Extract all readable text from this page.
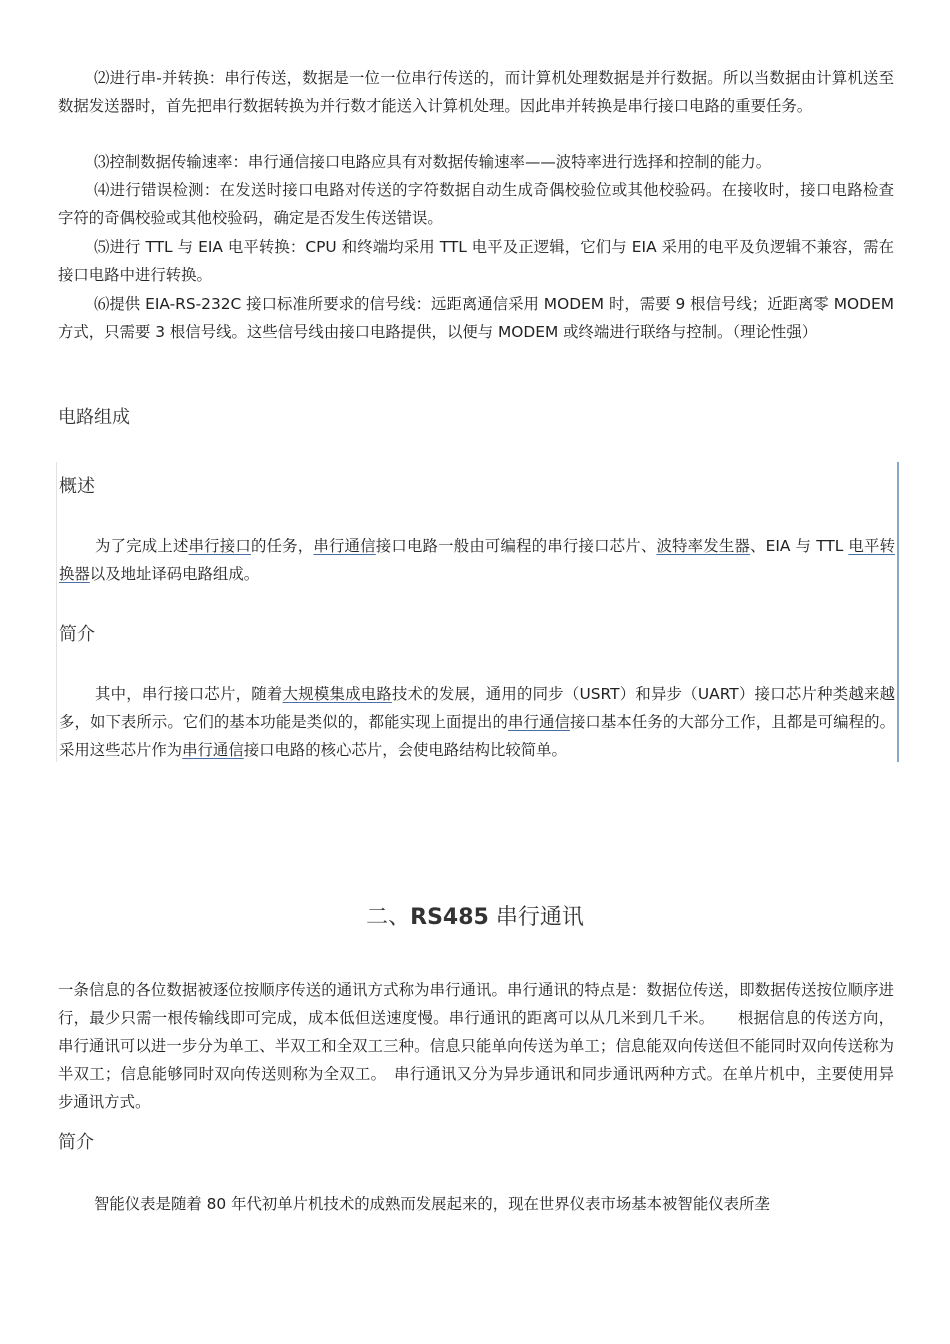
⑵进行串-并转换：串行传送，数据是一位一位串行传送的，而计算机处理数据是并行数据。所以当数据由计算机送至数据发送器时，首先把串行数据转换为并行数才能送入计算机处理。因此串并转换是串行接口电路的重要任务。

⑶控制数据传输速率：串行通信接口电路应具有对数据传输速率——波特率进行选择和控制的能力。

⑷进行错误检测：在发送时接口电路对传送的字符数据自动生成奇偶校验位或其他校验码。在接收时，接口电路检查字符的奇偶校验或其他校验码，确定是否发生传送错误。

⑸进行 TTL 与 EIA 电平转换：CPU 和终端均采用 TTL 电平及正逻辑，它们与 EIA 采用的电平及负逻辑不兼容，需在接口电路中进行转换。

⑹提供 EIA-RS-232C 接口标准所要求的信号线：远距离通信采用 MODEM 时，需要 9 根信号线；近距离零 MODEM 方式，只需要 3 根信号线。这些信号线由接口电路提供，以便与 MODEM 或终端进行联络与控制。（理论性强）

电路组成

概述

为了完成上述串行接口的任务，串行通信接口电路一般由可编程的串行接口芯片、波特率发生器、EIA 与 TTL 电平转换器以及地址译码电路组成。

简介

其中，串行接口芯片，随着大规模集成电路技术的发展，通用的同步（USRT）和异步（UART）接口芯片种类越来越多，如下表所示。它们的基本功能是类似的，都能实现上面提出的串行通信接口基本任务的大部分工作，且都是可编程的。采用这些芯片作为串行通信接口电路的核心芯片，会使电路结构比较简单。

二、RS485 串行通讯

一条信息的各位数据被逐位按顺序传送的通讯方式称为串行通讯。串行通讯的特点是：数据位传送，即数据传送按位顺序进行，最少只需一根传输线即可完成，成本低但送速度慢。串行通讯的距离可以从几米到几千米。　　根据信息的传送方向，串行通讯可以进一步分为单工、半双工和全双工三种。信息只能单向传送为单工；信息能双向传送但不能同时双向传送称为半双工；信息能够同时双向传送则称为全双工。　串行通讯又分为异步通讯和同步通讯两种方式。在单片机中，主要使用异步通讯方式。

简介

智能仪表是随着 80 年代初单片机技术的成熟而发展起来的，现在世界仪表市场基本被智能仪表所垄
